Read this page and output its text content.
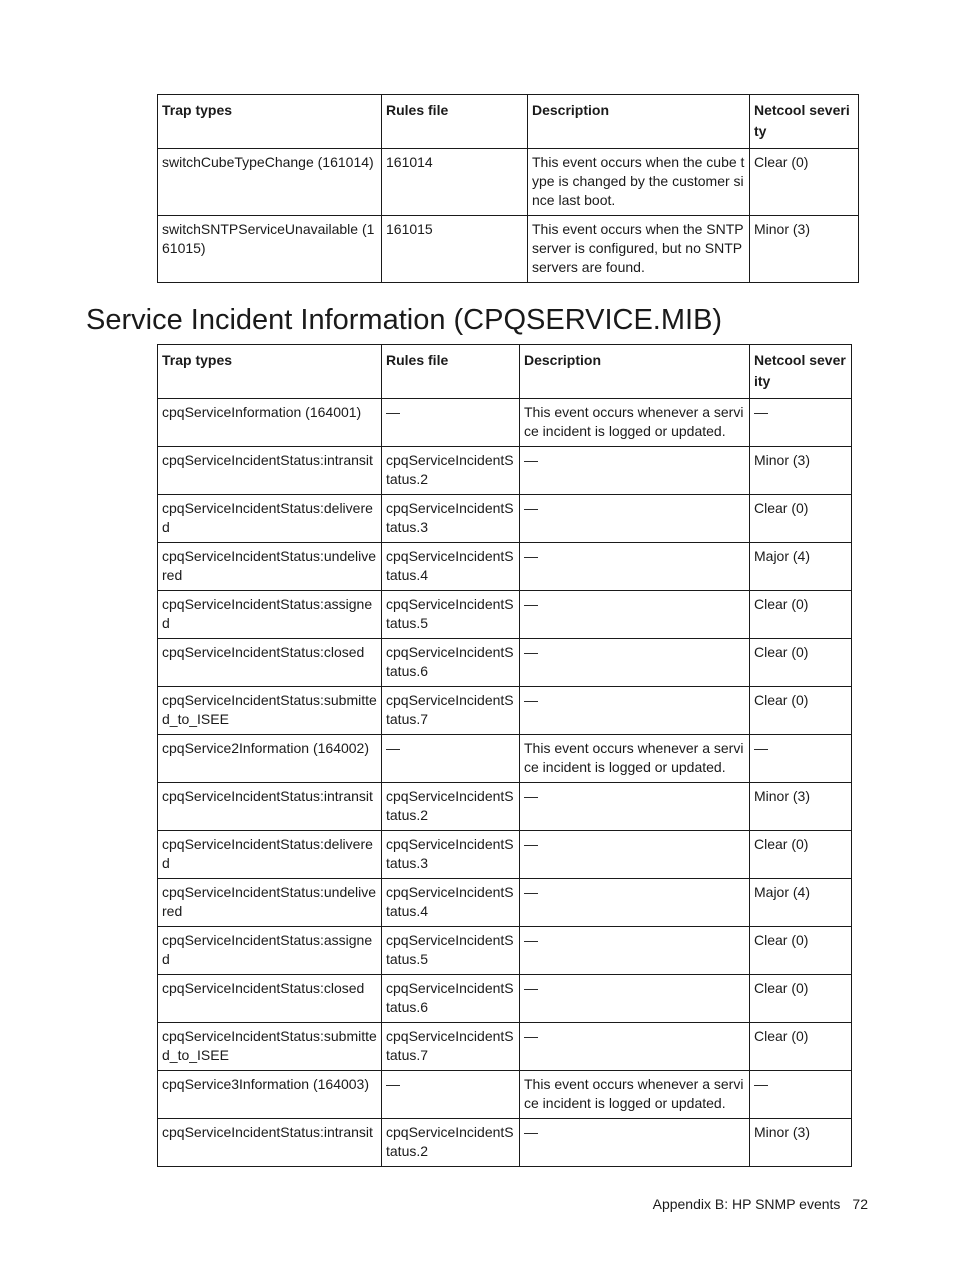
Trap types	Rules file	Description	Netcool severity
switchCubeTypeChange (161014)	161014	This event occurs when the cube type is changed by the customer since last boot.	Clear (0)
switchSNTPServiceUnavailable (161015)	161015	This event occurs when the SNTP server is configured, but no SNTP servers are found.	Minor (3)
Service Incident Information (CPQSERVICE.MIB)
Trap types	Rules file	Description	Netcool severity
cpqServiceInformation (164001)	—	This event occurs whenever a service incident is logged or updated.	—
cpqServiceIncidentStatus:intransit	cpqServiceIncidentStatus.2	—	Minor (3)
cpqServiceIncidentStatus:delivered	cpqServiceIncidentStatus.3	—	Clear (0)
cpqServiceIncidentStatus:undelivered	cpqServiceIncidentStatus.4	—	Major (4)
cpqServiceIncidentStatus:assigned	cpqServiceIncidentStatus.5	—	Clear (0)
cpqServiceIncidentStatus:closed	cpqServiceIncidentStatus.6	—	Clear (0)
cpqServiceIncidentStatus:submitted_to_ISEE	cpqServiceIncidentStatus.7	—	Clear (0)
cpqService2Information (164002)	—	This event occurs whenever a service incident is logged or updated.	—
cpqServiceIncidentStatus:intransit	cpqServiceIncidentStatus.2	—	Minor (3)
cpqServiceIncidentStatus:delivered	cpqServiceIncidentStatus.3	—	Clear (0)
cpqServiceIncidentStatus:undelivered	cpqServiceIncidentStatus.4	—	Major (4)
cpqServiceIncidentStatus:assigned	cpqServiceIncidentStatus.5	—	Clear (0)
cpqServiceIncidentStatus:closed	cpqServiceIncidentStatus.6	—	Clear (0)
cpqServiceIncidentStatus:submitted_to_ISEE	cpqServiceIncidentStatus.7	—	Clear (0)
cpqService3Information (164003)	—	This event occurs whenever a service incident is logged or updated.	—
cpqServiceIncidentStatus:intransit	cpqServiceIncidentStatus.2	—	Minor (3)
Appendix B: HP SNMP events 72
